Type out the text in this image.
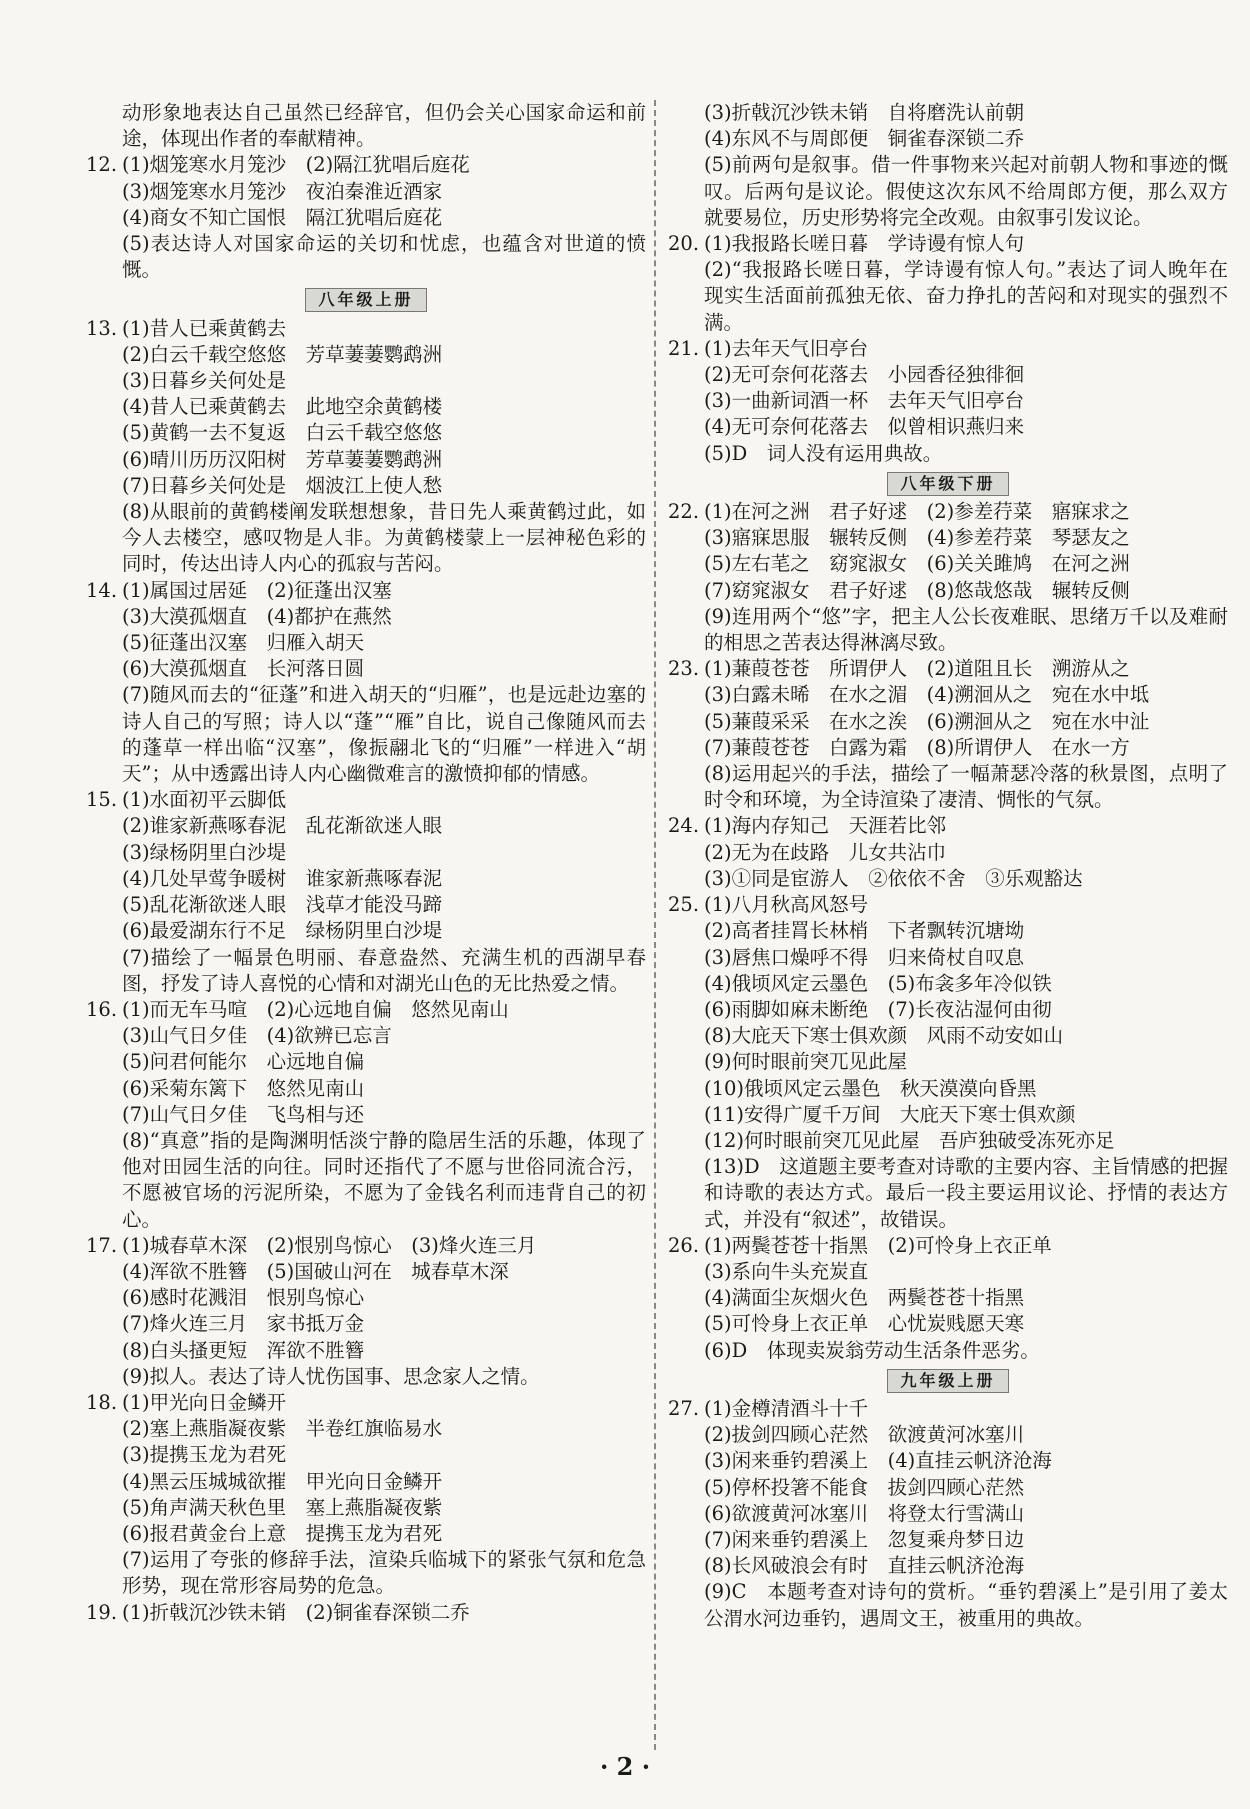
动形象地表达自己虽然已经辞官，但仍会关心国家命运和前途，体现出作者的奉献精神。
12. (1)烟笼寒水月笼沙　(2)隔江犹唱后庭花
(3)烟笼寒水月笼沙　夜泊秦淮近酒家
(4)商女不知亡国恨　隔江犹唱后庭花
(5)表达诗人对国家命运的关切和忧虑，也蕴含对世道的愤慨。
八年级上册
13. (1)昔人已乘黄鹤去
(2)白云千载空悠悠　芳草萋萋鹦鹉洲
(3)日暮乡关何处是
(4)昔人已乘黄鹤去　此地空余黄鹤楼
(5)黄鹤一去不复返　白云千载空悠悠
(6)晴川历历汉阳树　芳草萋萋鹦鹉洲
(7)日暮乡关何处是　烟波江上使人愁
(8)从眼前的黄鹤楼阐发联想想象，昔日先人乘黄鹤过此，如今人去楼空，感叹物是人非。为黄鹤楼蒙上一层神秘色彩的同时，传达出诗人内心的孤寂与苦闷。
14. (1)属国过居延　(2)征蓬出汉塞
(3)大漠孤烟直　(4)都护在燕然
(5)征蓬出汉塞　归雁入胡天
(6)大漠孤烟直　长河落日圆
(7)随风而去的“征蓬”和进入胡天的“归雁”，也是远赴边塞的诗人自己的写照；诗人以“蓬”“雁”自比，说自己像随风而去的蓬草一样出临“汉塞”，像振翮北飞的“归雁”一样进入“胡天”；从中透露出诗人内心幽微难言的激愤抑郁的情感。
15. (1)水面初平云脚低
(2)谁家新燕啄春泥　乱花渐欲迷人眼
(3)绿杨阴里白沙堤
(4)几处早莺争暖树　谁家新燕啄春泥
(5)乱花渐欲迷人眼　浅草才能没马蹄
(6)最爱湖东行不足　绿杨阴里白沙堤
(7)描绘了一幅景色明丽、春意盎然、充满生机的西湖早春图，抒发了诗人喜悦的心情和对湖光山色的无比热爱之情。
16. (1)而无车马喧　(2)心远地自偏　悠然见南山
(3)山气日夕佳　(4)欲辨已忘言
(5)问君何能尔　心远地自偏
(6)采菊东篱下　悠然见南山
(7)山气日夕佳　飞鸟相与还
(8)“真意”指的是陶渊明恬淡宁静的隐居生活的乐趣，体现了他对田园生活的向往。同时还指代了不愿与世俗同流合污，不愿被官场的污泥所染，不愿为了金钱名利而违背自己的初心。
17. (1)城春草木深　(2)恨别鸟惊心　(3)烽火连三月
(4)浑欲不胜簪　(5)国破山河在　城春草木深
(6)感时花溅泪　恨别鸟惊心
(7)烽火连三月　家书抵万金
(8)白头搔更短　浑欲不胜簪
(9)拟人。表达了诗人忧伤国事、思念家人之情。
18. (1)甲光向日金鳞开
(2)塞上燕脂凝夜紫　半卷红旗临易水
(3)提携玉龙为君死
(4)黑云压城城欲摧　甲光向日金鳞开
(5)角声满天秋色里　塞上燕脂凝夜紫
(6)报君黄金台上意　提携玉龙为君死
(7)运用了夸张的修辞手法，渲染兵临城下的紧张气氛和危急形势，现在常形容局势的危急。
19. (1)折戟沉沙铁未销　(2)铜雀春深锁二乔
(3)折戟沉沙铁未销　自将磨洗认前朝
(4)东风不与周郎便　铜雀春深锁二乔
(5)前两句是叙事。借一件事物来兴起对前朝人物和事迹的慨叹。后两句是议论。假使这次东风不给周郎方便，那么双方就要易位，历史形势将完全改观。由叙事引发议论。
20. (1)我报路长嗟日暮　学诗谩有惊人句
(2)“我报路长嗟日暮，学诗谩有惊人句。”表达了词人晚年在现实生活面前孤独无依、奋力挣扎的苦闷和对现实的强烈不满。
21. (1)去年天气旧亭台
(2)无可奈何花落去　小园香径独徘徊
(3)一曲新词酒一杯　去年天气旧亭台
(4)无可奈何花落去　似曾相识燕归来
(5)D　词人没有运用典故。
八年级下册
22. (1)在河之洲　君子好逑　(2)参差荇菜　寤寐求之
(3)寤寐思服　辗转反侧　(4)参差荇菜　琴瑟友之
(5)左右芼之　窈窕淑女　(6)关关雎鸠　在河之洲
(7)窈窕淑女　君子好逑　(8)悠哉悠哉　辗转反侧
(9)连用两个“悠”字，把主人公长夜难眠、思绪万千以及难耐的相思之苦表达得淋漓尽致。
23. (1)蒹葭苍苍　所谓伊人　(2)道阻且长　溯游从之
(3)白露未晞　在水之湄　(4)溯洄从之　宛在水中坻
(5)蒹葭采采　在水之涘　(6)溯洄从之　宛在水中沚
(7)蒹葭苍苍　白露为霜　(8)所谓伊人　在水一方
(8)运用起兴的手法，描绘了一幅萧瑟冷落的秋景图，点明了时令和环境，为全诗渲染了凄清、惆怅的气氛。
24. (1)海内存知己　天涯若比邻
(2)无为在歧路　儿女共沾巾
(3)①同是宦游人　②依依不舍　③乐观豁达
25. (1)八月秋高风怒号
(2)高者挂罥长林梢　下者飘转沉塘坳
(3)唇焦口燥呼不得　归来倚杖自叹息
(4)俄顷风定云墨色　(5)布衾多年冷似铁
(6)雨脚如麻未断绝　(7)长夜沾湿何由彻
(8)大庇天下寒士俱欢颜　风雨不动安如山
(9)何时眼前突兀见此屋
(10)俄顷风定云墨色　秋天漠漠向昏黑
(11)安得广厦千万间　大庇天下寒士俱欢颜
(12)何时眼前突兀见此屋　吾庐独破受冻死亦足
(13)D　这道题主要考查对诗歌的主要内容、主旨情感的把握和诗歌的表达方式。最后一段主要运用议论、抒情的表达方式，并没有“叙述”，故错误。
26. (1)两鬓苍苍十指黑　(2)可怜身上衣正单
(3)系向牛头充炭直
(4)满面尘灰烟火色　两鬓苍苍十指黑
(5)可怜身上衣正单　心忧炭贱愿天寒
(6)D　体现卖炭翁劳动生活条件恶劣。
九年级上册
27. (1)金樽清酒斗十千
(2)拔剑四顾心茫然　欲渡黄河冰塞川
(3)闲来垂钓碧溪上　(4)直挂云帆济沧海
(5)停杯投箸不能食　拔剑四顾心茫然
(6)欲渡黄河冰塞川　将登太行雪满山
(7)闲来垂钓碧溪上　忽复乘舟梦日边
(8)长风破浪会有时　直挂云帆济沧海
(9)C　本题考查对诗句的赏析。“垂钓碧溪上”是引用了姜太公渭水河边垂钓，遇周文王，被重用的典故。
· 2 ·
